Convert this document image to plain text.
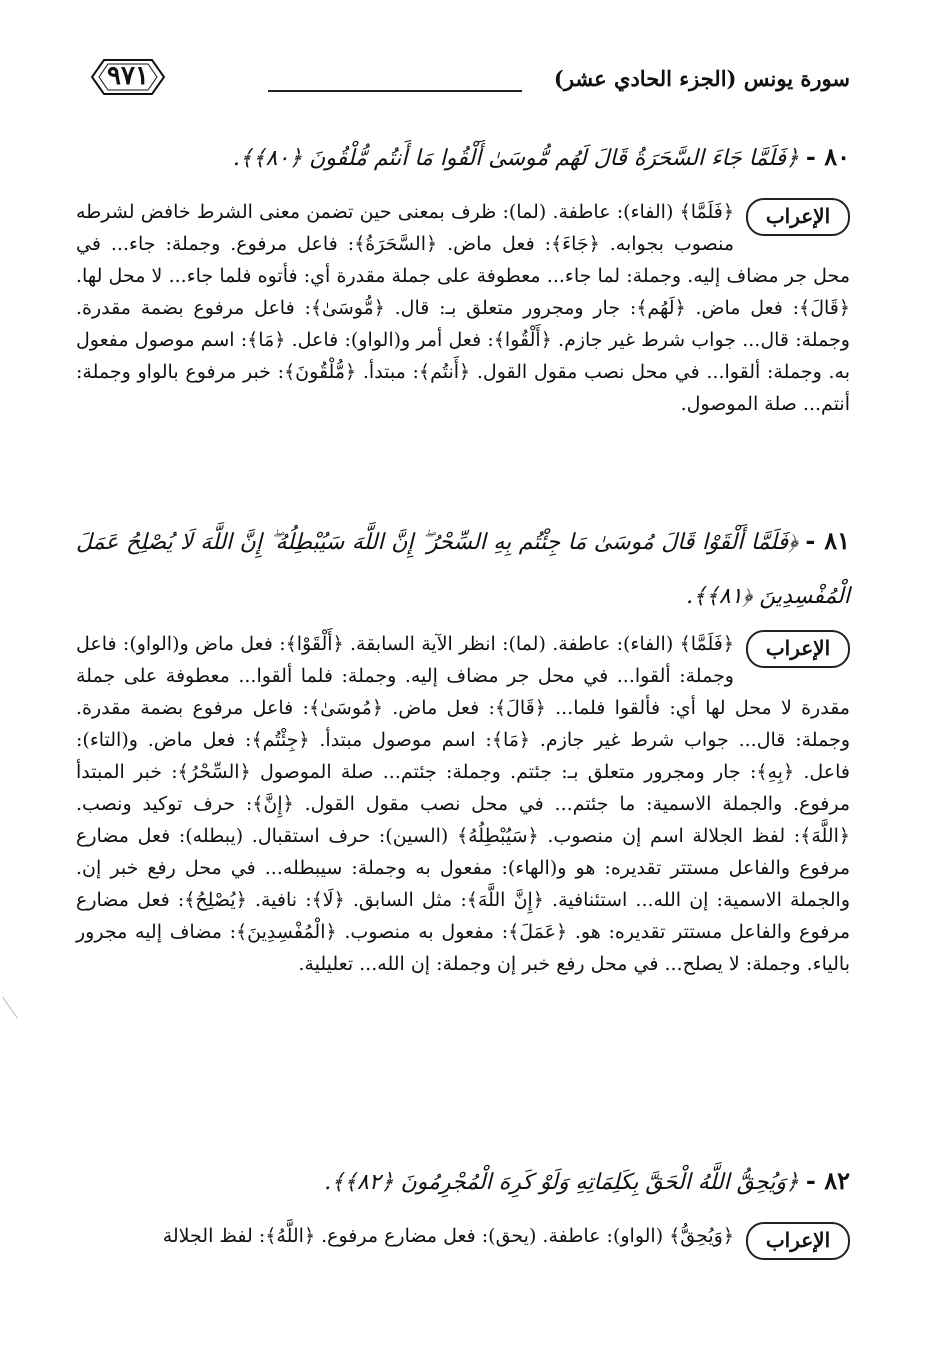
سورة يونس (الجزء الحادي عشر)
٩٧١
٨٠ - ﴿فَلَمَّا جَاءَ السَّحَرَةُ قَالَ لَهُم مُّوسَىٰ أَلْقُوا مَا أَنتُم مُّلْقُونَ ﴿٨٠﴾﴾.
الإعراب
﴿فَلَمَّا﴾ (الفاء): عاطفة. (لما): ظرف بمعنى حين تضمن معنى الشرط خافض لشرطه منصوب بجوابه. ﴿جَاءَ﴾: فعل ماض. ﴿السَّحَرَةُ﴾: فاعل مرفوع. وجملة: جاء... في محل جر مضاف إليه. وجملة: لما جاء... معطوفة على جملة مقدرة أي: فأتوه فلما جاء... لا محل لها. ﴿قَالَ﴾: فعل ماض. ﴿لَهُم﴾: جار ومجرور متعلق بـ: قال. ﴿مُّوسَىٰ﴾: فاعل مرفوع بضمة مقدرة. وجملة: قال... جواب شرط غير جازم. ﴿أَلْقُوا﴾: فعل أمر و(الواو): فاعل. ﴿مَا﴾: اسم موصول مفعول به. وجملة: ألقوا... في محل نصب مقول القول. ﴿أَنتُم﴾: مبتدأ. ﴿مُّلْقُونَ﴾: خبر مرفوع بالواو وجملة: أنتم... صلة الموصول.
٨١ - ﴿فَلَمَّا أَلْقَوْا قَالَ مُوسَىٰ مَا جِئْتُم بِهِ السِّحْرُ ۖ إِنَّ اللَّهَ سَيُبْطِلُهُ ۖ إِنَّ اللَّهَ لَا يُصْلِحُ عَمَلَ الْمُفْسِدِينَ ﴿٨١﴾﴾.
الإعراب
﴿فَلَمَّا﴾ (الفاء): عاطفة. (لما): انظر الآية السابقة. ﴿أَلْقَوْا﴾: فعل ماض و(الواو): فاعل وجملة: ألقوا... في محل جر مضاف إليه. وجملة: فلما ألقوا... معطوفة على جملة مقدرة لا محل لها أي: فألقوا فلما... ﴿قَالَ﴾: فعل ماض. ﴿مُوسَىٰ﴾: فاعل مرفوع بضمة مقدرة. وجملة: قال... جواب شرط غير جازم. ﴿مَا﴾: اسم موصول مبتدأ. ﴿جِئْتُم﴾: فعل ماض. و(التاء): فاعل. ﴿بِهِ﴾: جار ومجرور متعلق بـ: جئتم. وجملة: جئتم... صلة الموصول ﴿السِّحْرُ﴾: خبر المبتدأ مرفوع. والجملة الاسمية: ما جئتم... في محل نصب مقول القول. ﴿إِنَّ﴾: حرف توكيد ونصب. ﴿اللَّهَ﴾: لفظ الجلالة اسم إن منصوب. ﴿سَيُبْطِلُهُ﴾ (السين): حرف استقبال. (يبطله): فعل مضارع مرفوع والفاعل مستتر تقديره: هو و(الهاء): مفعول به وجملة: سيبطله... في محل رفع خبر إن. والجملة الاسمية: إن الله... استئنافية. ﴿إِنَّ اللَّهَ﴾: مثل السابق. ﴿لَا﴾: نافية. ﴿يُصْلِحُ﴾: فعل مضارع مرفوع والفاعل مستتر تقديره: هو. ﴿عَمَلَ﴾: مفعول به منصوب. ﴿الْمُفْسِدِينَ﴾: مضاف إليه مجرور بالياء. وجملة: لا يصلح... في محل رفع خبر إن وجملة: إن الله... تعليلية.
٨٢ - ﴿وَيُحِقُّ اللَّهُ الْحَقَّ بِكَلِمَاتِهِ وَلَوْ كَرِهَ الْمُجْرِمُونَ ﴿٨٢﴾﴾.
الإعراب
﴿وَيُحِقُّ﴾ (الواو): عاطفة. (يحق): فعل مضارع مرفوع. ﴿اللَّهُ﴾: لفظ الجلالة
